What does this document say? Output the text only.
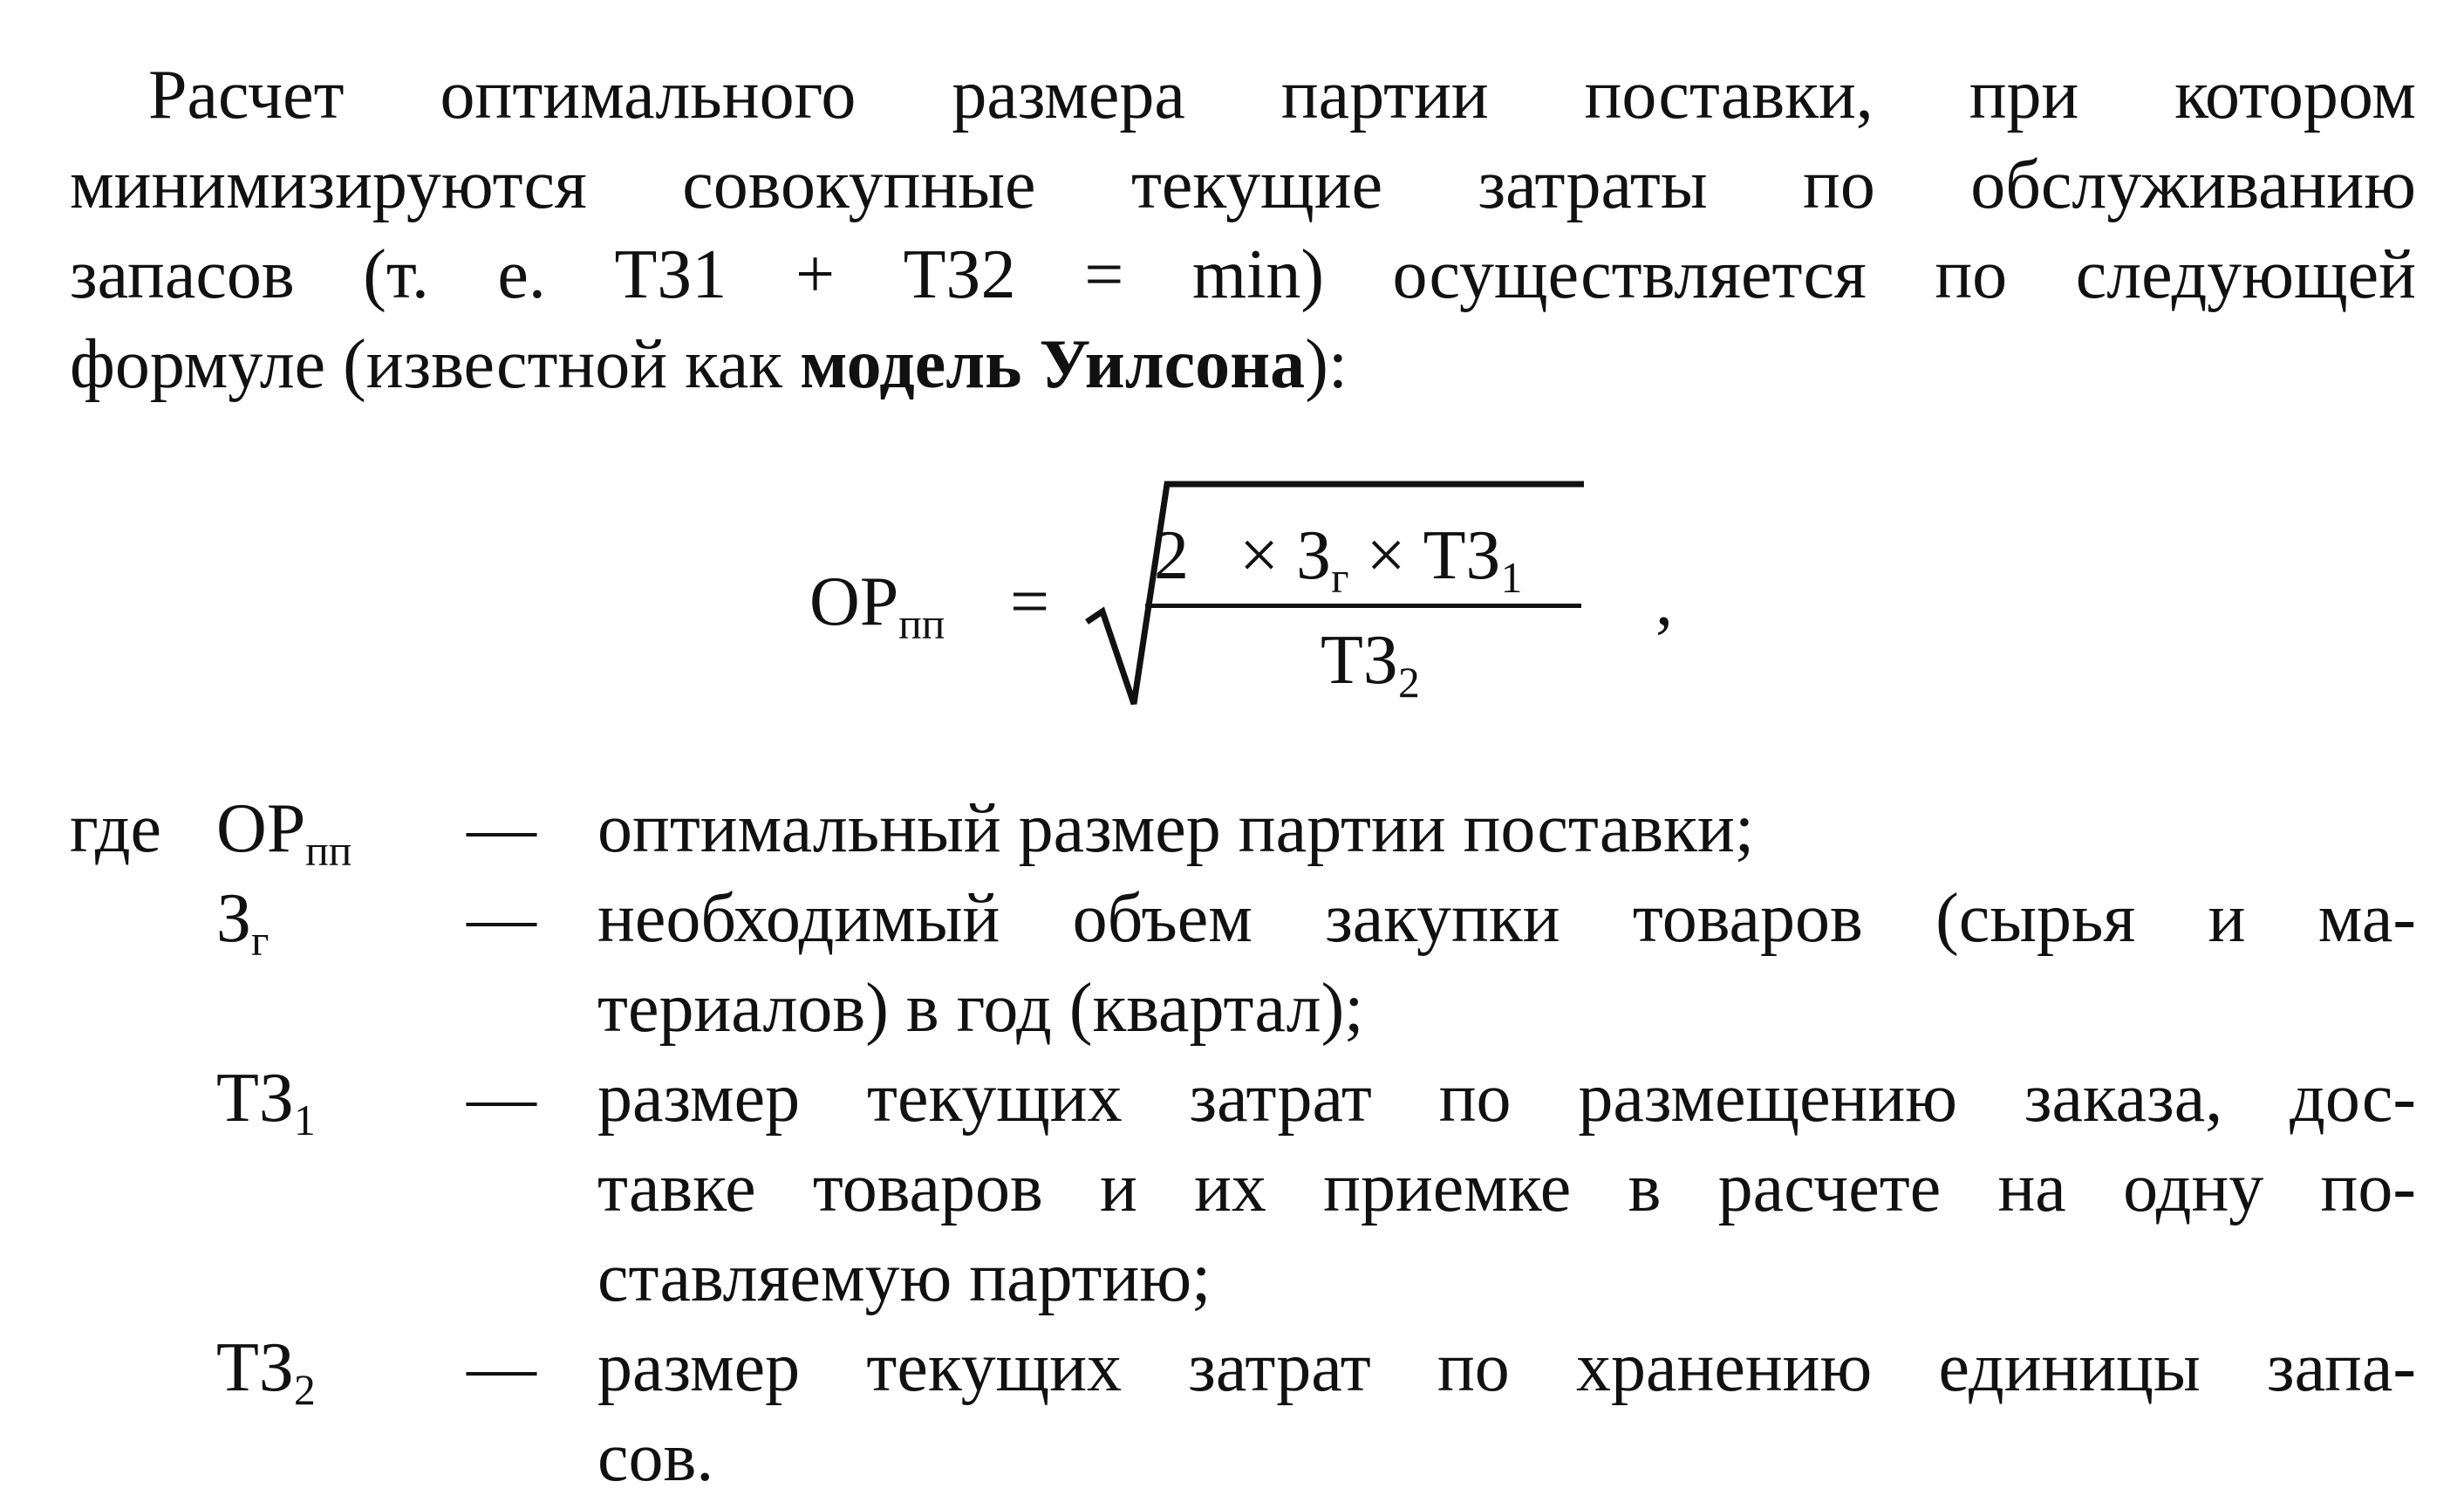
Расчет оптимального размера партии поставки, при котором
минимизируются совокупные текущие затраты по обслуживанию
запасов (т. е. ТЗ1 + ТЗ2 = min) осуществляется по следующей
формуле (известной как модель Уилсона):
$ОР_{пп}$ =
$2 \times З_г \times ТЗ_1$
$ТЗ_2$
,
где $ОР_{пп}$ — оптимальный размер партии поставки;
$З_г$	— необходимый объем закупки товаров (сырья и ма-
териалов) в год (квартал);
$ТЗ_1$ — размер текущих затрат по размещению заказа, дос-
тавке товаров и их приемке в расчете на одну по-
ставляемую партию;
$ТЗ_2$ — размер текущих затрат по хранению единицы запа-
сов.
